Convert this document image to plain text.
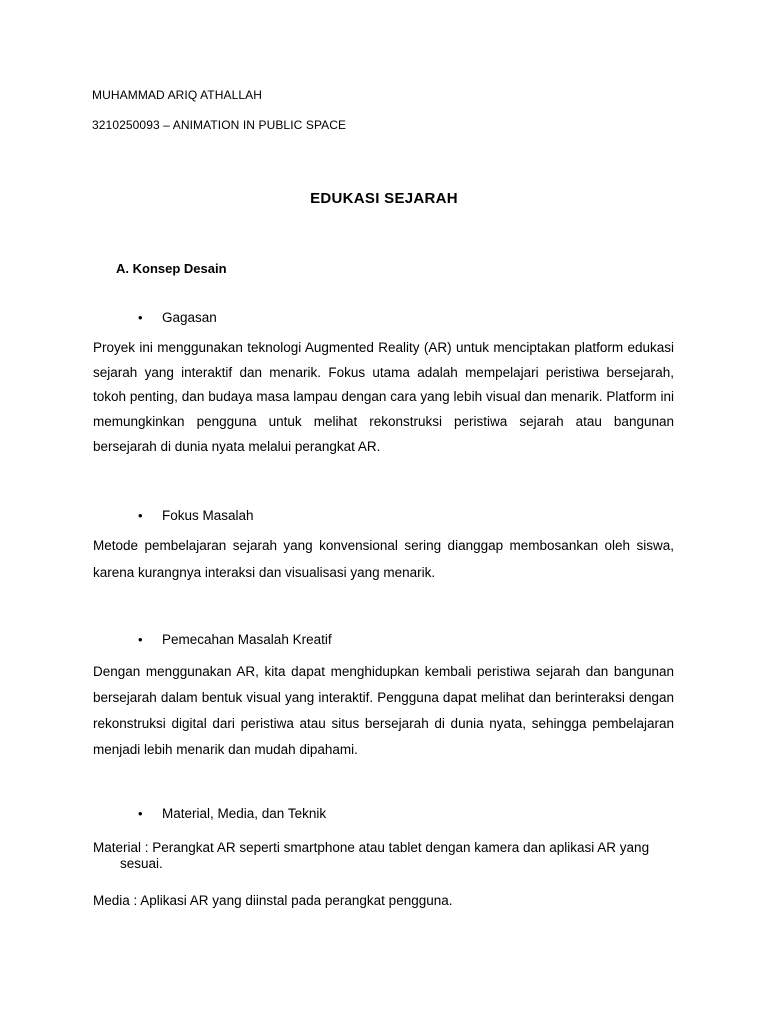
MUHAMMAD ARIQ ATHALLAH

3210250093 – ANIMATION IN PUBLIC SPACE

EDUKASI SEJARAH

A. Konsep Desain

• Gagasan

Proyek ini menggunakan teknologi Augmented Reality (AR) untuk menciptakan platform edukasi sejarah yang interaktif dan menarik. Fokus utama adalah mempelajari peristiwa bersejarah, tokoh penting, dan budaya masa lampau dengan cara yang lebih visual dan menarik. Platform ini memungkinkan pengguna untuk melihat rekonstruksi peristiwa sejarah atau bangunan bersejarah di dunia nyata melalui perangkat AR.

• Fokus Masalah

Metode pembelajaran sejarah yang konvensional sering dianggap membosankan oleh siswa, karena kurangnya interaksi dan visualisasi yang menarik.

• Pemecahan Masalah Kreatif

Dengan menggunakan AR, kita dapat menghidupkan kembali peristiwa sejarah dan bangunan bersejarah dalam bentuk visual yang interaktif. Pengguna dapat melihat dan berinteraksi dengan rekonstruksi digital dari peristiwa atau situs bersejarah di dunia nyata, sehingga pembelajaran menjadi lebih menarik dan mudah dipahami.

• Material, Media, dan Teknik

Material : Perangkat AR seperti smartphone atau tablet dengan kamera dan aplikasi AR yang

sesuai.

Media : Aplikasi AR yang diinstal pada perangkat pengguna.
